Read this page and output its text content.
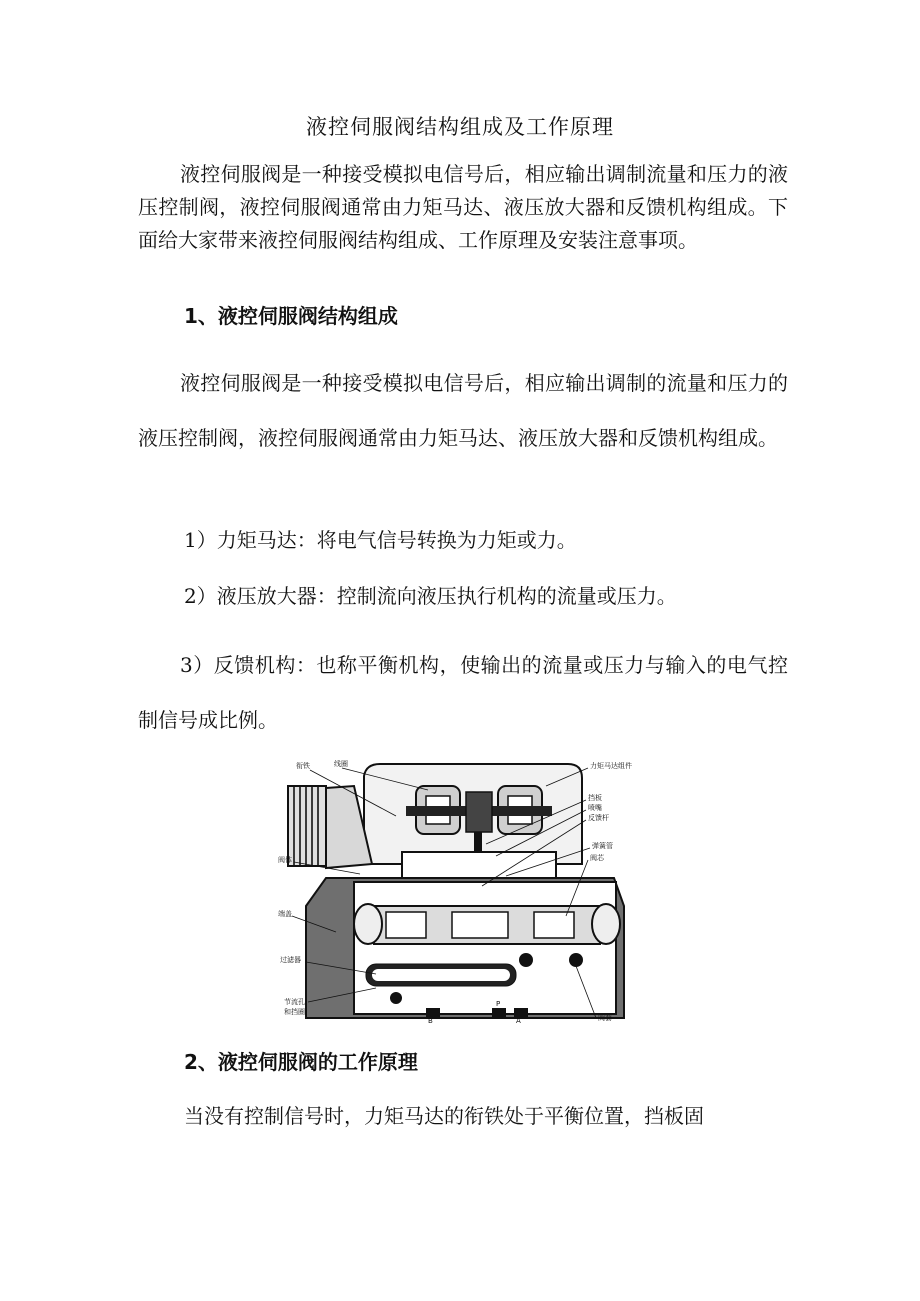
液控伺服阀结构组成及工作原理

液控伺服阀是一种接受模拟电信号后，相应输出调制流量和压力的液压控制阀，液控伺服阀通常由力矩马达、液压放大器和反馈机构组成。下面给大家带来液控伺服阀结构组成、工作原理及安装注意事项。

1、液控伺服阀结构组成

液控伺服阀是一种接受模拟电信号后，相应输出调制的流量和压力的液压控制阀，液控伺服阀通常由力矩马达、液压放大器和反馈机构组成。

1）力矩马达：将电气信号转换为力矩或力。
2）液压放大器：控制流向液压执行机构的流量或压力。

3）反馈机构：也称平衡机构，使输出的流量或压力与输入的电气控制信号成比例。

衔铁	线圈	力矩马达组件
挡板
喷嘴
反馈杆
弹簧管
阀体	阀芯
端盖
过滤器
节流孔
和挡圈
阀套
B
P
A
2、液控伺服阀的工作原理
当没有控制信号时，力矩马达的衔铁处于平衡位置，挡板固
